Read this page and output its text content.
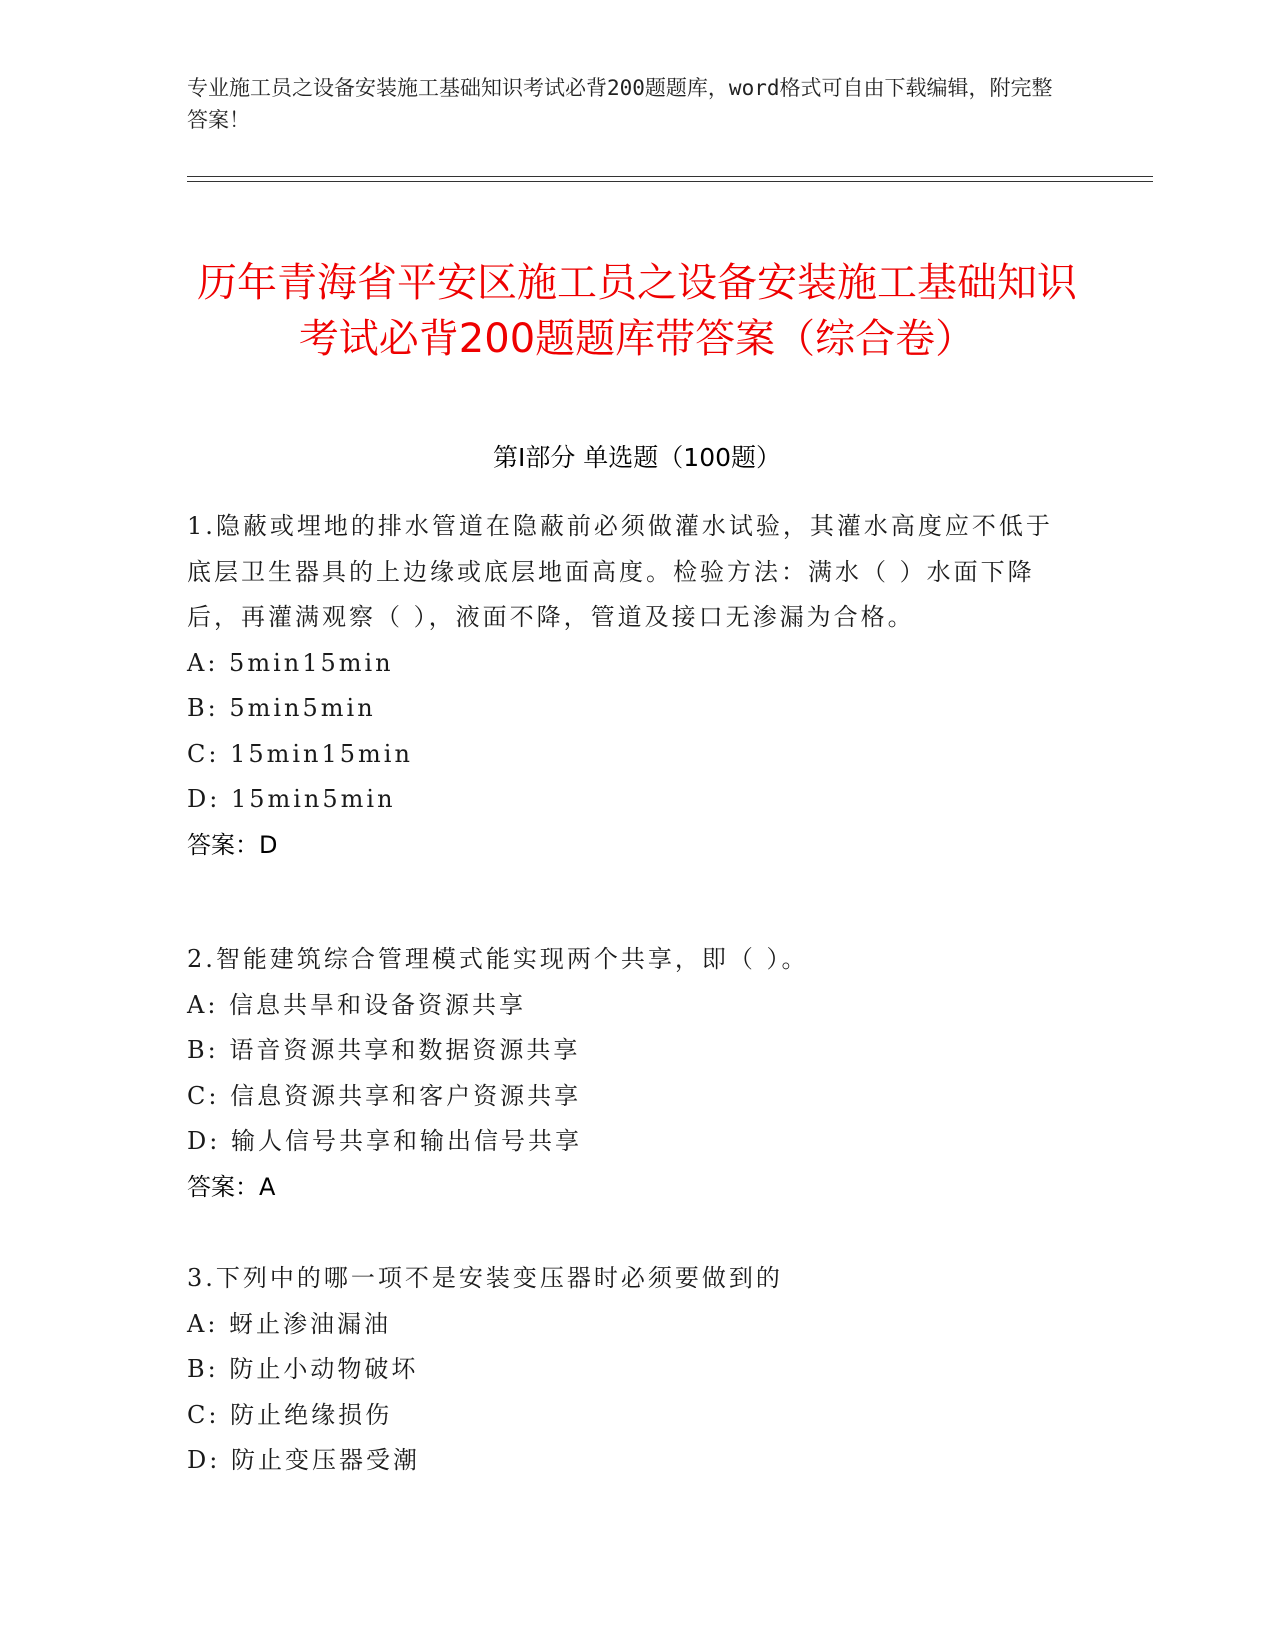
专业施工员之设备安装施工基础知识考试必背200题题库，word格式可自由下载编辑，附完整答案！
历年青海省平安区施工员之设备安装施工基础知识考试必背200题题库带答案（综合卷）
第I部分 单选题（100题）
1.隐蔽或埋地的排水管道在隐蔽前必须做灌水试验，其灌水高度应不低于底层卫生器具的上边缘或底层地面高度。检验方法：满水（ ）水面下降后，再灌满观察（ ），液面不降，管道及接口无渗漏为合格。
A: 5min15min
B: 5min5min
C: 15min15min
D: 15min5min
答案：D
2.智能建筑综合管理模式能实现两个共享，即（ ）。
A: 信息共旱和设备资源共享
B: 语音资源共享和数据资源共享
C: 信息资源共享和客户资源共享
D: 输人信号共享和输出信号共享
答案：A
3.下列中的哪一项不是安装变压器时必须要做到的
A: 蚜止渗油漏油
B: 防止小动物破坏
C: 防止绝缘损伤
D: 防止变压器受潮
